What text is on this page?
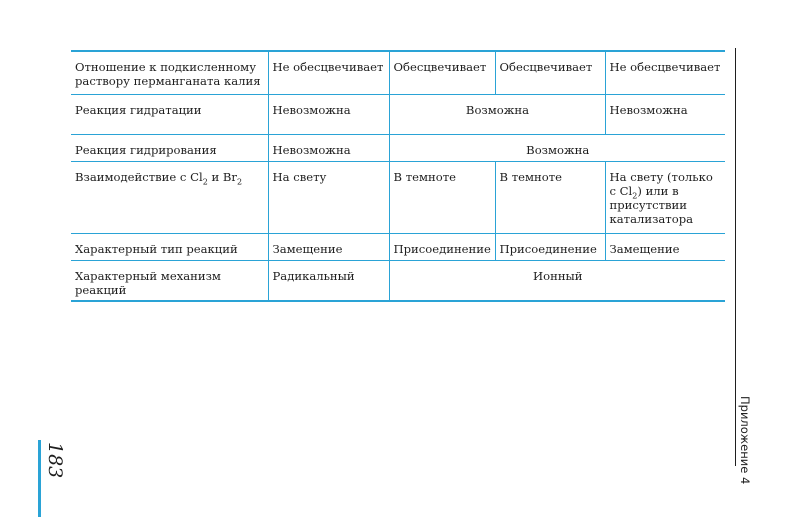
Отношение к подкисленному раствору перманганата калия	Не обесцвечивает	Обесцвечивает	Обесцвечивает	Не обесцвечивает
Реакция гидратации	Невозможна	Возможна		Невозможна
Реакция гидрирования	Невозможна	Возможна		
Взаимодействие с $Cl_2$ и $Br_2$	На свету	В темноте	В темноте	На свету (только с $Cl_2$) или в присутствии катализатора
Характерный тип реакций	Замещение	Присоединение	Присоединение	Замещение
Характерный механизм реакций	Радикальный	Ионный		
Приложение 4
183
